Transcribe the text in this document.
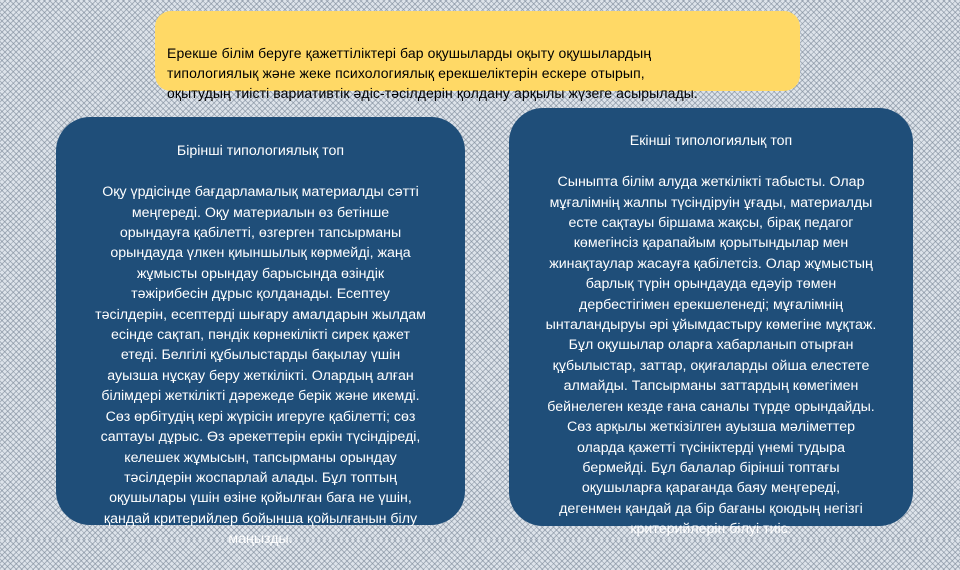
Ерекше білім беруге қажеттіліктері бар оқушыларды оқыту оқушылардың
типологиялық және жеке психологиялық ерекшеліктерін ескере отырып,
оқытудың тиісті вариативтік әдіс-тәсілдерін қолдану арқылы жүзеге асырылады.

Бірінші типологиялық топ

Оқу үрдісінде бағдарламалық материалды сәтті
меңгереді. Оқу материалын өз бетінше
орындауға қабілетті, өзгерген тапсырманы
орындауда үлкен қиыншылық көрмейді, жаңа
жұмысты орындау барысында өзіндік
тәжірибесін дұрыс қолданады. Есептеу
тәсілдерін, есептерді шығару амалдарын жылдам
есінде сақтап, пәндік көрнекілікті сирек қажет
етеді. Белгілі құбылыстарды бақылау үшін
ауызша нұсқау беру жеткілікті. Олардың алған
білімдері жеткілікті дәрежеде берік және икемді.
Сөз өрбітудің кері жүрісін игеруге қабілетті; сөз
саптауы дұрыс. Өз әрекеттерін еркін түсіндіреді,
келешек жұмысын, тапсырманы орындау
тәсілдерін жоспарлай алады. Бұл топтың
оқушылары үшін өзіне қойылған баға не үшін,
қандай критерийлер бойынша қойылғанын білу
маңызды.

Екінші типологиялық топ

Сыныпта білім алуда жеткілікті табысты. Олар
мұғалімнің жалпы түсіндіруін ұғады, материалды
есте сақтауы біршама жақсы, бірақ педагог
көмегінсіз қарапайым қорытындылар мен
жинақтаулар жасауға қабілетсіз. Олар жұмыстың
барлық түрін орындауда едәуір төмен
дербестігімен ерекшеленеді; мұғалімнің
ынталандыруы әрі ұйымдастыру көмегіне мұқтаж.
Бұл оқушылар оларға хабарланып отырған
құбылыстар, заттар, оқиғаларды ойша елестете
алмайды. Тапсырманы заттардың көмегімен
бейнелеген кезде ғана саналы түрде орындайды.
Сөз арқылы жеткізілген ауызша мәліметтер
оларда қажетті түсініктерді үнемі тудыра
бермейді. Бұл балалар бірінші топтағы
оқушыларға қарағанда баяу меңгереді,
дегенмен қандай да бір бағаны қоюдың негізгі
критерийлерін білуі тиіс.
